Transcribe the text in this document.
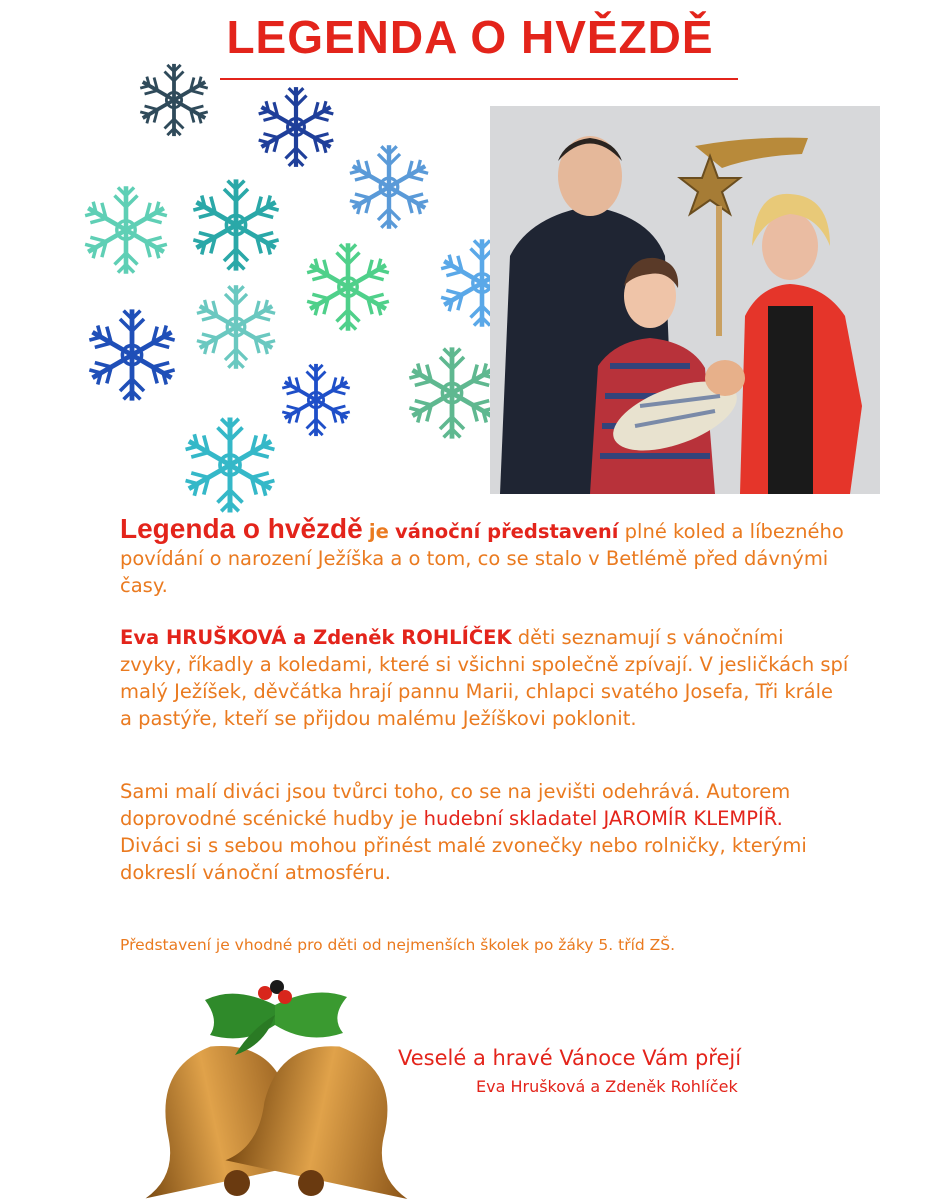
LEGENDA O HVĚZDĚ
Legenda o hvězdě je vánoční představení plné koled a líbezného povídání o narození Ježíška a o tom, co se stalo v Betlémě před dávnými časy.
Eva HRUŠKOVÁ a Zdeněk ROHLÍČEK děti seznamují s vánočními zvyky, říkadly a koledami, které si všichni společně zpívají. V jesličkách spí malý Ježíšek, děvčátka hrají pannu Marii, chlapci svatého Josefa, Tři krále a pastýře, kteří se přijdou malému Ježíškovi poklonit.
Sami malí diváci jsou tvůrci toho, co se na jevišti odehrává. Autorem doprovodné scénické hudby je hudební skladatel JAROMÍR KLEMPÍŘ.
Diváci si s sebou mohou přinést malé zvonečky nebo rolničky, kterými dokreslí vánoční atmosféru.
Představení je vhodné pro děti od nejmenších školek po žáky 5. tříd ZŠ.
Veselé a hravé Vánoce Vám přejí
Eva Hrušková a Zdeněk Rohlíček
